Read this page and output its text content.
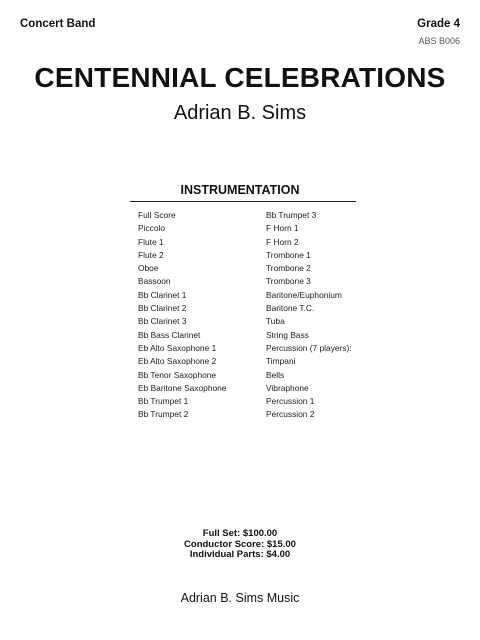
Concert Band	Grade 4
ABS B006
CENTENNIAL CELEBRATIONS
Adrian B. Sims
INSTRUMENTATION
Full Score
Piccolo
Flute 1
Flute 2
Oboe
Bassoon
Bb Clarinet 1
Bb Clarinet 2
Bb Clarinet 3
Bb Bass Clarinet
Eb Alto Saxophone 1
Eb Alto Saxophone 2
Bb Tenor Saxophone
Eb Baritone Saxophone
Bb Trumpet 1
Bb Trumpet 2
Bb Trumpet 3
F Horn 1
F Horn 2
Trombone 1
Trombone 2
Trombone 3
Baritone/Euphonium
Baritone T.C.
Tuba
String Bass
Percussion (7 players):
Timpani
Bells
Vibraphone
Percussion 1
Percussion 2
Full Set: $100.00
Conductor Score: $15.00
Individual Parts: $4.00
Adrian B. Sims Music
